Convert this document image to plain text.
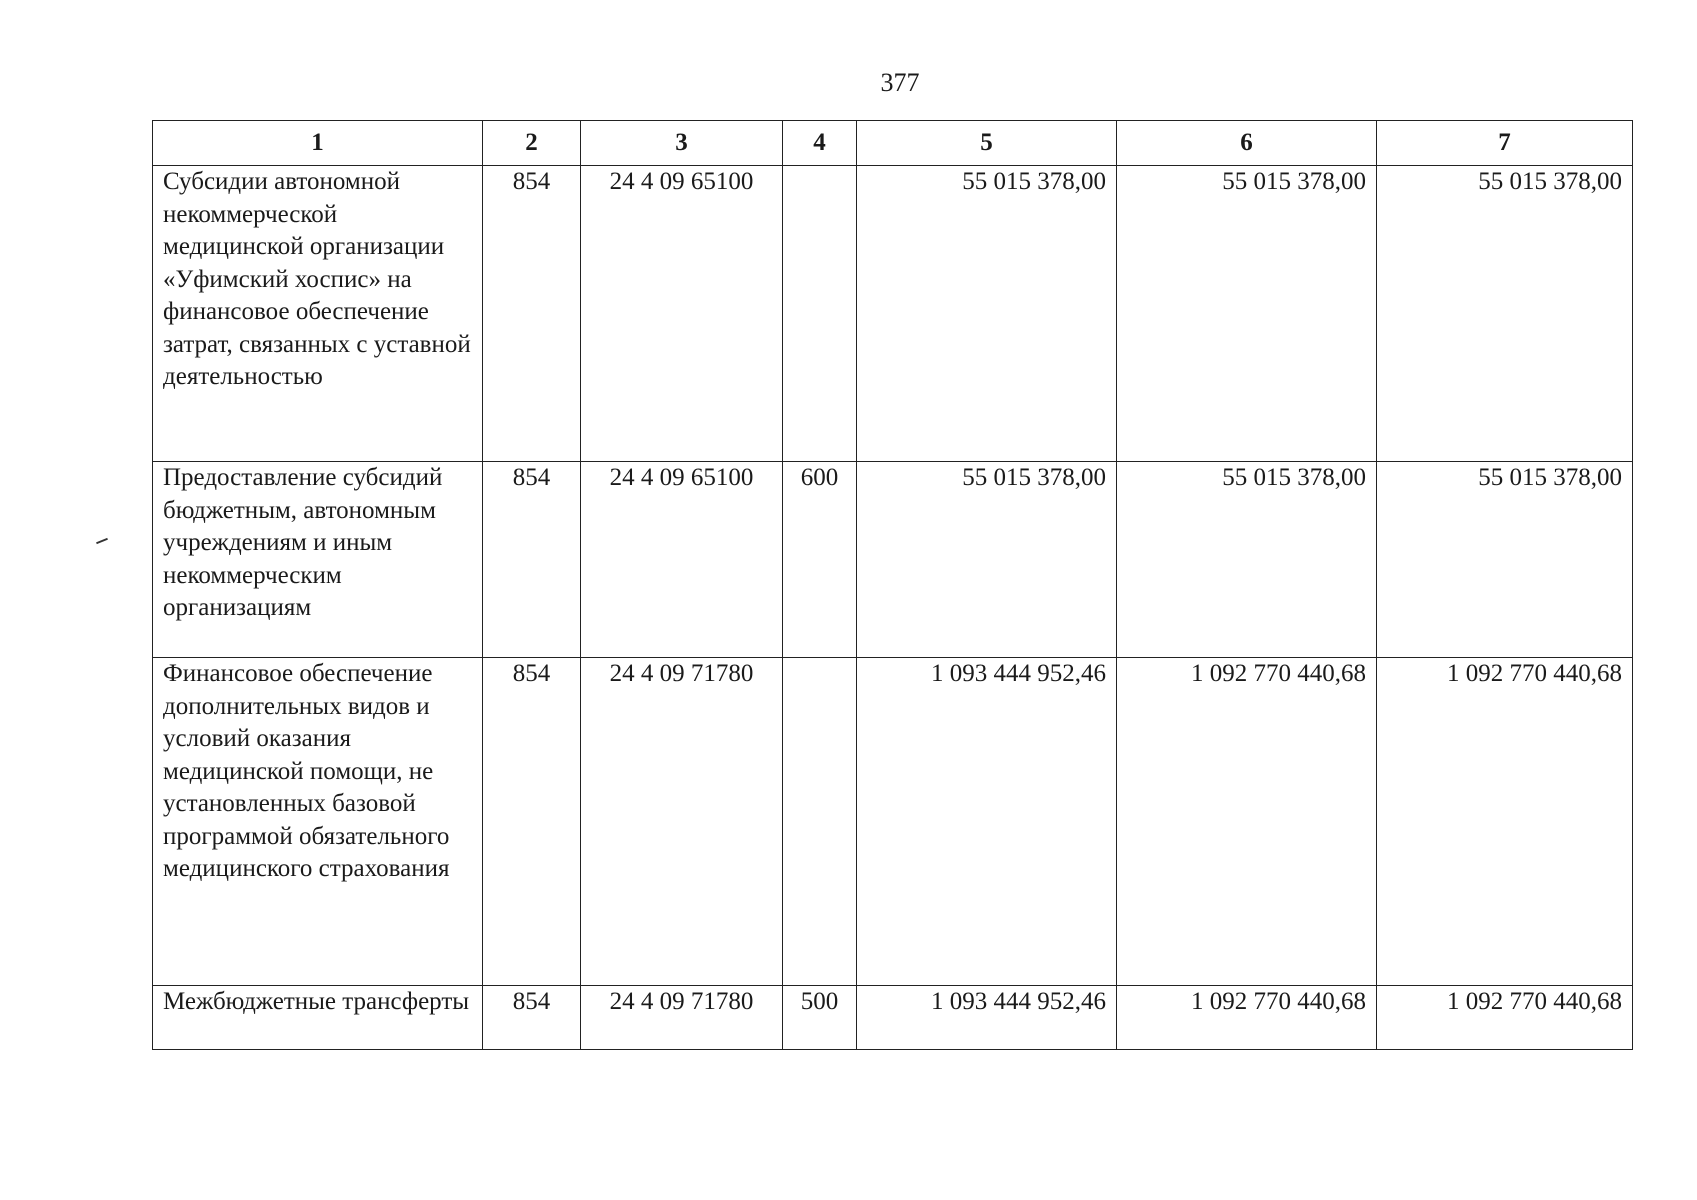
377
1	2	3	4	5	6	7
Субсидии автономной некоммерческой медицинской организации «Уфимский хоспис» на финансовое обеспечение затрат, связанных с уставной деятельностью	854	24 4 09 65100		55 015 378,00	55 015 378,00	55 015 378,00
Предоставление субсидий бюджетным, автономным учреждениям и иным некоммерческим организациям	854	24 4 09 65100	600	55 015 378,00	55 015 378,00	55 015 378,00
Финансовое обеспечение дополнительных видов и условий оказания медицинской помощи, не установленных базовой программой обязательного медицинского страхования	854	24 4 09 71780		1 093 444 952,46	1 092 770 440,68	1 092 770 440,68
Межбюджетные трансферты	854	24 4 09 71780	500	1 093 444 952,46	1 092 770 440,68	1 092 770 440,68
